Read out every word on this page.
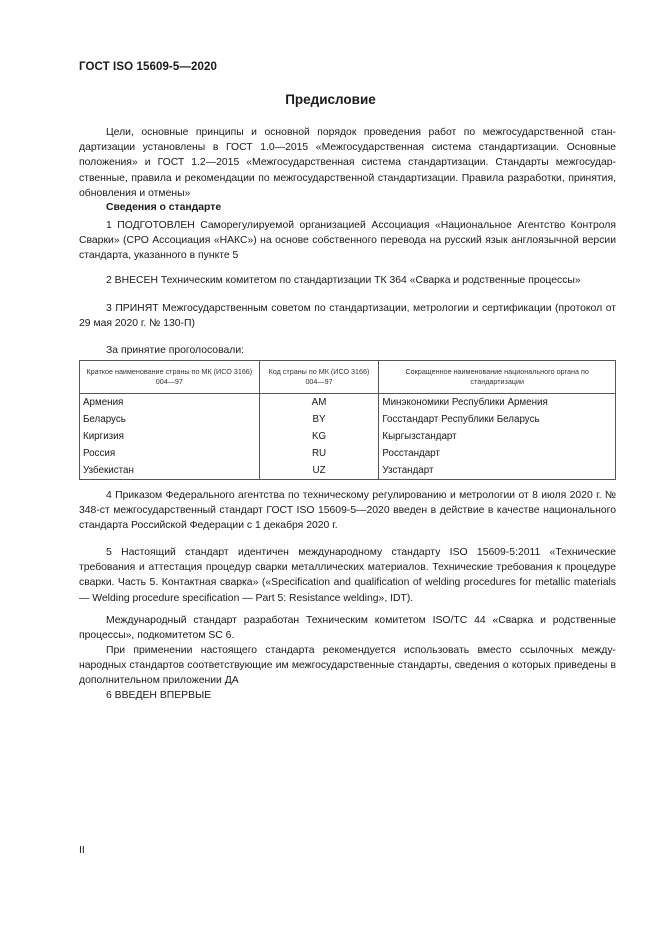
ГОСТ ISO 15609-5—2020
Предисловие

Цели, основные принципы и основной порядок проведения работ по межгосударственной стандартизации установлены в ГОСТ 1.0—2015 «Межгосударственная система стандартизации. Основные положения» и ГОСТ 1.2—2015 «Межгосударственная система стандартизации. Стандарты межгосударственные, правила и рекомендации по межгосударственной стандартизации. Правила разработки, принятия, обновления и отмены»

Сведения о стандарте

1 ПОДГОТОВЛЕН Саморегулируемой организацией Ассоциация «Национальное Агентство Контроля Сварки» (СРО Ассоциация «НАКС») на основе собственного перевода на русский язык англоязычной версии стандарта, указанного в пункте 5

2 ВНЕСЕН Техническим комитетом по стандартизации ТК 364 «Сварка и родственные процессы»

3 ПРИНЯТ Межгосударственным советом по стандартизации, метрологии и сертификации (протокол от 29 мая 2020 г. № 130-П)

За принятие проголосовали:

Краткое наименование страны по МК (ИСО 3166) 004—97	Код страны по МК (ИСО 3166) 004—97	Сокращенное наименование национального органа по стандартизации
Армения	AM	Минэкономики Республики Армения
Беларусь	BY	Госстандарт Республики Беларусь
Киргизия	KG	Кыргызстандарт
Россия	RU	Росстандарт
Узбекистан	UZ	Узстандарт

4 Приказом Федерального агентства по техническому регулированию и метрологии от 8 июля 2020 г. № 348-ст межгосударственный стандарт ГОСТ ISO 15609-5—2020 введен в действие в качестве национального стандарта Российской Федерации с 1 декабря 2020 г.

5 Настоящий стандарт идентичен международному стандарту ISO 15609-5:2011 «Технические требования и аттестация процедур сварки металлических материалов. Технические требования к процедуре сварки. Часть 5. Контактная сварка» («Specification and qualification of welding procedures for metallic materials — Welding procedure specification — Part 5: Resistance welding», IDT).

Международный стандарт разработан Техническим комитетом ISO/TC 44 «Сварка и родственные процессы», подкомитетом SC 6.

При применении настоящего стандарта рекомендуется использовать вместо ссылочных международных стандартов соответствующие им межгосударственные стандарты, сведения о которых приведены в дополнительном приложении ДА

6 ВВЕДЕН ВПЕРВЫЕ

II
